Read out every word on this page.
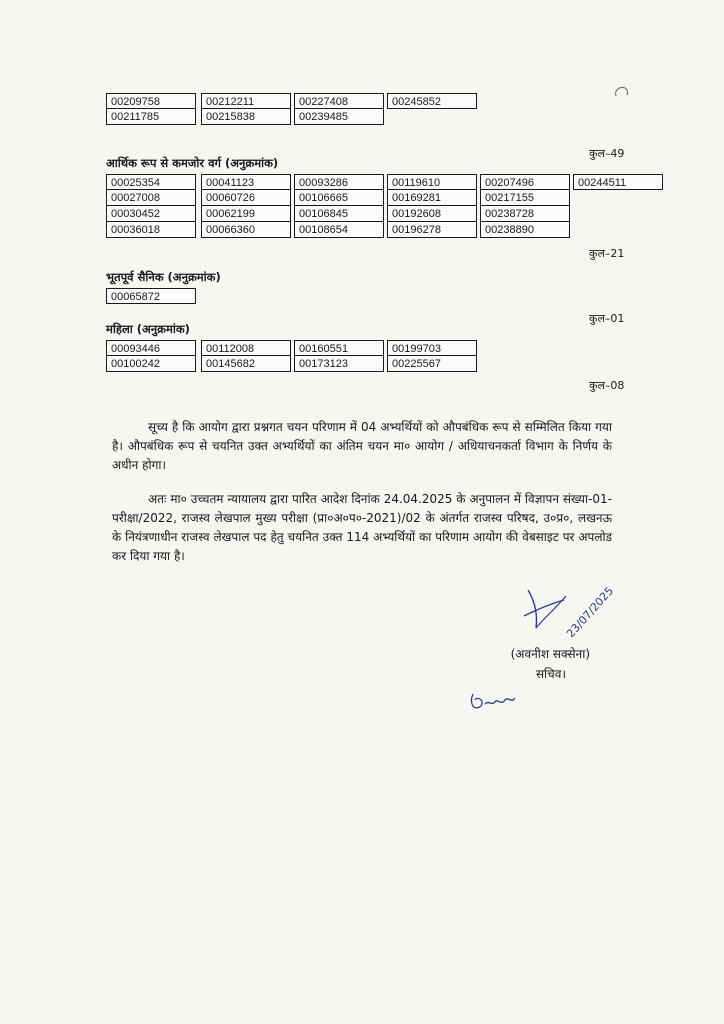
00209758
00211785
00212211
00215838
00227408
00239485
00245852
कुल–49
आर्थिक रूप से कमजोर वर्ग (अनुक्रमांक)
00025354
00027008
00030452
00036018
00041123
00060726
00062199
00066360
00093286
00106665
00106845
00108654
00119610
00169281
00192608
00196278
00207496
00217155
00238728
00238890
00244511
कुल–21
भूतपूर्व सैनिक (अनुक्रमांक)
00065872
कुल–01
महिला (अनुक्रमांक)
00093446
00100242
00112008
00145682
00160551
00173123
00199703
00225567
कुल–08

सूच्य है कि आयोग द्वारा प्रश्नगत चयन परिणाम में 04 अभ्यर्थियों को औपबंधिक रूप से सम्मिलित किया गया है। औपबंधिक रूप से चयनित उक्त अभ्यर्थियों का अंतिम चयन मा० आयोग / अधियाचनकर्ता विभाग के निर्णय के अधीन होगा।

अतः मा० उच्चतम न्यायालय द्वारा पारित आदेश दिनांक 24.04.2025 के अनुपालन में विज्ञापन संख्या-01-परीक्षा/2022, राजस्व लेखपाल मुख्य परीक्षा (प्रा०अ०प०-2021)/02 के अंतर्गत राजस्व परिषद, उ०प्र०, लखनऊ के नियंत्रणाधीन राजस्व लेखपाल पद हेतु चयनित उक्त 114 अभ्यर्थियों का परिणाम आयोग की वेबसाइट पर अपलोड कर दिया गया है।

23/07/2025
(अवनीश सक्सेना)
सचिव।
